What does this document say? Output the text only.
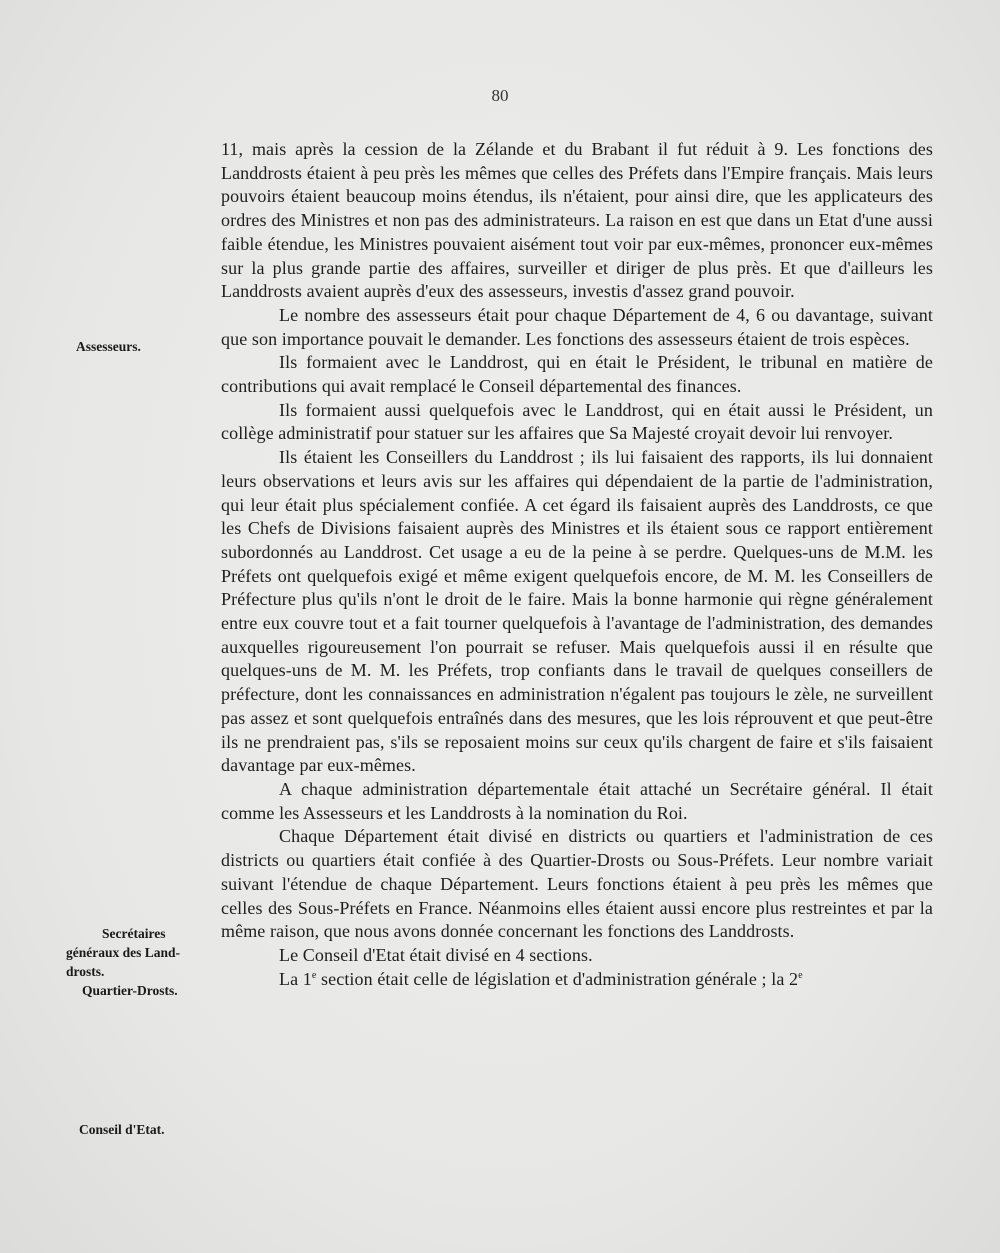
80
Assesseurs.
Secrétaires
généraux des Land-
drosts.
Quartier-Drosts.
Conseil d'Etat.

11, mais après la cession de la Zélande et du Brabant il fut réduit à 9. Les fonctions des Landdrosts étaient à peu près les mêmes que celles des Préfets dans l'Empire français. Mais leurs pouvoirs étaient beaucoup moins étendus, ils n'étaient, pour ainsi dire, que les applicateurs des ordres des Ministres et non pas des administrateurs. La raison en est que dans un Etat d'une aussi faible étendue, les Ministres pouvaient aisément tout voir par eux-mêmes, prononcer eux-mêmes sur la plus grande partie des affaires, surveiller et diriger de plus près. Et que d'ailleurs les Landdrosts avaient auprès d'eux des assesseurs, investis d'assez grand pouvoir.

Le nombre des assesseurs était pour chaque Département de 4, 6 ou davantage, suivant que son importance pouvait le demander. Les fonctions des assesseurs étaient de trois espèces.

Ils formaient avec le Landdrost, qui en était le Président, le tribunal en matière de contributions qui avait remplacé le Conseil départemental des finances.

Ils formaient aussi quelquefois avec le Landdrost, qui en était aussi le Président, un collège administratif pour statuer sur les affaires que Sa Majesté croyait devoir lui renvoyer.

Ils étaient les Conseillers du Landdrost ; ils lui faisaient des rapports, ils lui donnaient leurs observations et leurs avis sur les affaires qui dépendaient de la partie de l'administration, qui leur était plus spécialement confiée. A cet égard ils faisaient auprès des Landdrosts, ce que les Chefs de Divisions faisaient auprès des Ministres et ils étaient sous ce rapport entièrement subordonnés au Landdrost. Cet usage a eu de la peine à se perdre. Quelques-uns de M.M. les Préfets ont quelquefois exigé et même exigent quelquefois encore, de M. M. les Conseillers de Préfecture plus qu'ils n'ont le droit de le faire. Mais la bonne harmonie qui règne généralement entre eux couvre tout et a fait tourner quelquefois à l'avantage de l'administration, des demandes auxquelles rigoureusement l'on pourrait se refuser. Mais quelquefois aussi il en résulte que quelques-uns de M. M. les Préfets, trop confiants dans le travail de quelques conseillers de préfecture, dont les connaissances en administration n'égalent pas toujours le zèle, ne surveillent pas assez et sont quelquefois entraînés dans des mesures, que les lois réprouvent et que peut-être ils ne prendraient pas, s'ils se reposaient moins sur ceux qu'ils chargent de faire et s'ils faisaient davantage par eux-mêmes.

A chaque administration départementale était attaché un Secrétaire général. Il était comme les Assesseurs et les Landdrosts à la nomination du Roi.

Chaque Département était divisé en districts ou quartiers et l'administration de ces districts ou quartiers était confiée à des Quartier-Drosts ou Sous-Préfets. Leur nombre variait suivant l'étendue de chaque Département. Leurs fonctions étaient à peu près les mêmes que celles des Sous-Préfets en France. Néanmoins elles étaient aussi encore plus restreintes et par la même raison, que nous avons donnée concernant les fonctions des Landdrosts.

Le Conseil d'Etat était divisé en 4 sections.

La 1e section était celle de législation et d'administration générale ; la 2e
